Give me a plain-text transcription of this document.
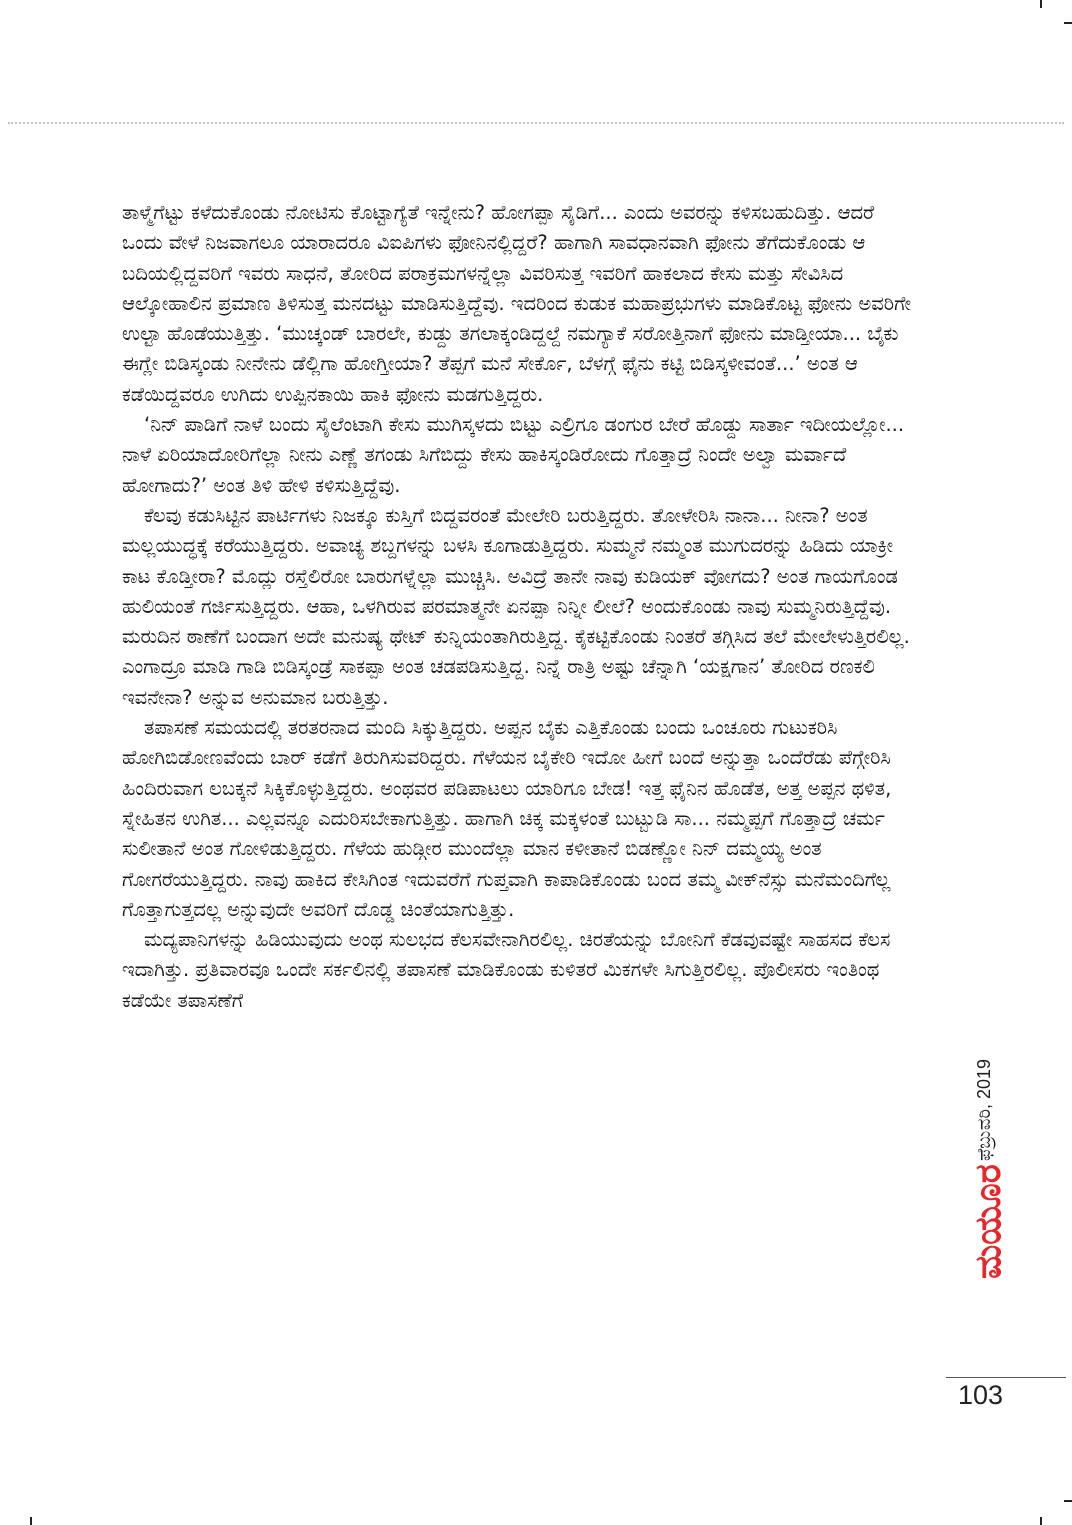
ತಾಳ್ಮೆಗೆಟ್ಟು ಕಳೆದುಕೊಂಡು ನೋಟಿಸು ಕೊಟ್ಟಾಗ್ಯೆತೆ ಇನ್ನೇನು? ಹೋಗಪ್ಪಾ ಸೈಡಿಗೆ... ಎಂದು ಅವರನ್ನು ಕಳಿಸಬಹುದಿತ್ತು. ಆದರೆ ಒಂದು ವೇಳೆ ನಿಜವಾಗಲೂ ಯಾರಾದರೂ ವಿಐಪಿಗಳು ಫೋನಿನಲ್ಲಿದ್ದರೆ? ಹಾಗಾಗಿ ಸಾವಧಾನವಾಗಿ ಫೋನು ತೆಗೆದುಕೊಂಡು ಆ ಬದಿಯಲ್ಲಿದ್ದವರಿಗೆ ಇವರು ಸಾಧನೆ, ತೋರಿದ ಪರಾಕ್ರಮಗಳನ್ನೆಲ್ಲಾ ವಿವರಿಸುತ್ತ ಇವರಿಗೆ ಹಾಕಲಾದ ಕೇಸು ಮತ್ತು ಸೇವಿಸಿದ ಆಲ್ಕೋಹಾಲಿನ ಪ್ರಮಾಣ ತಿಳಿಸುತ್ತ ಮನದಟ್ಟು ಮಾಡಿಸುತ್ತಿದ್ದೆವು. ಇದರಿಂದ ಕುಡುಕ ಮಹಾಪ್ರಭುಗಳು ಮಾಡಿಕೊಟ್ಟ ಫೋನು ಅವರಿಗೇ ಉಲ್ಟಾ ಹೊಡೆಯುತ್ತಿತ್ತು. ‘ಮುಚ್ಕಂಡ್ ಬಾರಲೇ, ಕುಡ್ದು ತಗಲಾಕ್ಕಂಡಿದ್ದಲ್ದೆ ನಮಗ್ಯಾಕೆ ಸರೋತ್ತಿನಾಗೆ ಫೋನು ಮಾಡ್ತೀಯಾ... ಬೈಕು ಈಗ್ಲೇ ಬಿಡಿಸ್ಕಂಡು ನೀನೇನು ಡೆಲ್ಲಿಗಾ ಹೋಗ್ತೀಯಾ? ತೆಪ್ಪಗೆ ಮನೆ ಸೇರ್ಕೊ, ಬೆಳಗ್ಗೆ ಫೈನು ಕಟ್ಟಿ ಬಿಡಿಸ್ಕಳೀವಂತೆ...’ ಅಂತ ಆ ಕಡೆಯಿದ್ದವರೂ ಉಗಿದು ಉಪ್ಪಿನಕಾಯಿ ಹಾಕಿ ಫೋನು ಮಡಗುತ್ತಿದ್ದರು.

‘ನಿನ್ ಪಾಡಿಗೆ ನಾಳೆ ಬಂದು ಸೈಲೆಂಟಾಗಿ ಕೇಸು ಮುಗಿಸ್ಕಳದು ಬಿಟ್ಟು ಎಲ್ರಿಗೂ ಡಂಗುರ ಬೇರೆ ಹೊಡ್ದು ಸಾರ್ತಾ ಇದೀಯಲ್ಲೋ... ನಾಳೆ ಏರಿಯಾದೋರಿಗೆಲ್ಲಾ ನೀನು ಎಣ್ಣೆ ತಗಂಡು ಸಿಗೆಬಿದ್ದು ಕೇಸು ಹಾಕಿಸ್ಕಂಡಿರೋದು ಗೊತ್ತಾದ್ರೆ ನಿಂದೇ ಅಲ್ವಾ ಮರ್ವಾದೆ ಹೋಗಾದು?’ ಅಂತ ತಿಳಿ ಹೇಳಿ ಕಳಿಸುತ್ತಿದ್ದೆವು.

ಕೆಲವು ಕಡುಸಿಟ್ಟಿನ ಪಾರ್ಟಿಗಳು ನಿಜಕ್ಕೂ ಕುಸ್ತಿಗೆ ಬಿದ್ದವರಂತೆ ಮೇಲೇರಿ ಬರುತ್ತಿದ್ದರು. ತೋಳೇರಿಸಿ ನಾನಾ... ನೀನಾ? ಅಂತ ಮಲ್ಲಯುದ್ಧಕ್ಕೆ ಕರೆಯುತ್ತಿದ್ದರು. ಅವಾಚ್ಯ ಶಬ್ದಗಳನ್ನು ಬಳಸಿ ಕೂಗಾಡುತ್ತಿದ್ದರು. ಸುಮ್ಮನೆ ನಮ್ಮಂತ ಮುಗುದರನ್ನು ಹಿಡಿದು ಯಾಕ್ರೀ ಕಾಟ ಕೊಡ್ತೀರಾ? ಮೊದ್ಲು ರಸ್ತೆಲಿರೋ ಬಾರುಗಳ್ನೆಲ್ಲಾ ಮುಚ್ಚಿಸಿ. ಅವಿದ್ರೆ ತಾನೇ ನಾವು ಕುಡಿಯಕ್ ವೋಗದು? ಅಂತ ಗಾಯಗೊಂಡ ಹುಲಿಯಂತೆ ಗರ್ಜಿಸುತ್ತಿದ್ದರು. ಆಹಾ, ಒಳಗಿರುವ ಪರಮಾತ್ಮನೇ ಏನಪ್ಪಾ ನಿನ್ನೀ ಲೀಲೆ? ಅಂದುಕೊಂಡು ನಾವು ಸುಮ್ಮನಿರುತ್ತಿದ್ದೆವು. ಮರುದಿನ ಠಾಣೆಗೆ ಬಂದಾಗ ಅದೇ ಮನುಷ್ಯ ಥೇಟ್ ಕುನ್ನಿಯಂತಾಗಿರುತ್ತಿದ್ದ. ಕೈಕಟ್ಟಿಕೊಂಡು ನಿಂತರೆ ತಗ್ಗಿಸಿದ ತಲೆ ಮೇಲೇಳುತ್ತಿರಲಿಲ್ಲ. ಎಂಗಾದ್ರೂ ಮಾಡಿ ಗಾಡಿ ಬಿಡಿಸ್ಕಂಡ್ರೆ ಸಾಕಪ್ಪಾ ಅಂತ ಚಡಪಡಿಸುತ್ತಿದ್ದ. ನಿನ್ನೆ ರಾತ್ರಿ ಅಷ್ಟು ಚೆನ್ನಾಗಿ ‘ಯಕ್ಷಗಾನ’ ತೋರಿದ ರಣಕಲಿ ಇವನೇನಾ? ಅನ್ನುವ ಅನುಮಾನ ಬರುತ್ತಿತ್ತು.

ತಪಾಸಣೆ ಸಮಯದಲ್ಲಿ ತರತರನಾದ ಮಂದಿ ಸಿಕ್ಕುತ್ತಿದ್ದರು. ಅಪ್ಪನ ಬೈಕು ಎತ್ತಿಕೊಂಡು ಬಂದು ಒಂಚೂರು ಗುಟುಕರಿಸಿ ಹೋಗಿಬಿಡೋಣವೆಂದು ಬಾರ್ ಕಡೆಗೆ ತಿರುಗಿಸುವರಿದ್ದರು. ಗೆಳೆಯನ ಬೈಕೇರಿ ಇದೋ ಹೀಗೆ ಬಂದೆ ಅನ್ನುತ್ತಾ ಒಂದೆರೆಡು ಪೆಗ್ಗೇರಿಸಿ ಹಿಂದಿರುವಾಗ ಲಬಕ್ಕನೆ ಸಿಕ್ಕಿಕೊಳ್ಳುತ್ತಿದ್ದರು. ಅಂಥವರ ಪಡಿಪಾಟಲು ಯಾರಿಗೂ ಬೇಡ! ಇತ್ತ ಫೈನಿನ ಹೊಡೆತ, ಅತ್ತ ಅಪ್ಪನ ಥಳಿತ, ಸ್ನೇಹಿತನ ಉಗಿತ... ಎಲ್ಲವನ್ನೂ ಎದುರಿಸಬೇಕಾಗುತ್ತಿತ್ತು. ಹಾಗಾಗಿ ಚಿಕ್ಕ ಮಕ್ಕಳಂತೆ ಬುಟ್ಬುಡಿ ಸಾ... ನಮ್ಮಪ್ಪಗೆ ಗೊತ್ತಾದ್ರೆ ಚರ್ಮ ಸುಲೀತಾನೆ ಅಂತ ಗೋಳಿಡುತ್ತಿದ್ದರು. ಗೆಳೆಯ ಹುಡ್ಗೀರ ಮುಂದೆಲ್ಲಾ ಮಾನ ಕಳೀತಾನೆ ಬಿಡಣ್ಣೋ ನಿನ್ ದಮ್ಮಯ್ಯ ಅಂತ ಗೋಗರೆಯುತ್ತಿದ್ದರು. ನಾವು ಹಾಕಿದ ಕೇಸಿಗಿಂತ ಇದುವರೆಗೆ ಗುಪ್ತವಾಗಿ ಕಾಪಾಡಿಕೊಂಡು ಬಂದ ತಮ್ಮ ವೀಕ್‌ನೆಸ್ಸು ಮನೆಮಂದಿಗೆಲ್ಲ ಗೊತ್ತಾಗುತ್ತದಲ್ಲ ಅನ್ನುವುದೇ ಅವರಿಗೆ ದೊಡ್ಡ ಚಿಂತೆಯಾಗುತ್ತಿತ್ತು.

ಮದ್ಯಪಾನಿಗಳನ್ನು ಹಿಡಿಯುವುದು ಅಂಥ ಸುಲಭದ ಕೆಲಸವೇನಾಗಿರಲಿಲ್ಲ. ಚಿರತೆಯನ್ನು ಬೋನಿಗೆ ಕೆಡವುವಷ್ಟೇ ಸಾಹಸದ ಕೆಲಸ ಇದಾಗಿತ್ತು. ಪ್ರತಿವಾರವೂ ಒಂದೇ ಸರ್ಕಲಿನಲ್ಲಿ ತಪಾಸಣೆ ಮಾಡಿಕೊಂಡು ಕುಳಿತರೆ ಮಿಕಗಳೇ ಸಿಗುತ್ತಿರಲಿಲ್ಲ. ಪೊಲೀಸರು ಇಂತಿಂಥ ಕಡೆಯೇ ತಪಾಸಣೆಗೆ

ಫೆಬ್ರುವರಿ, 2019
ಮಯೂರ
103
